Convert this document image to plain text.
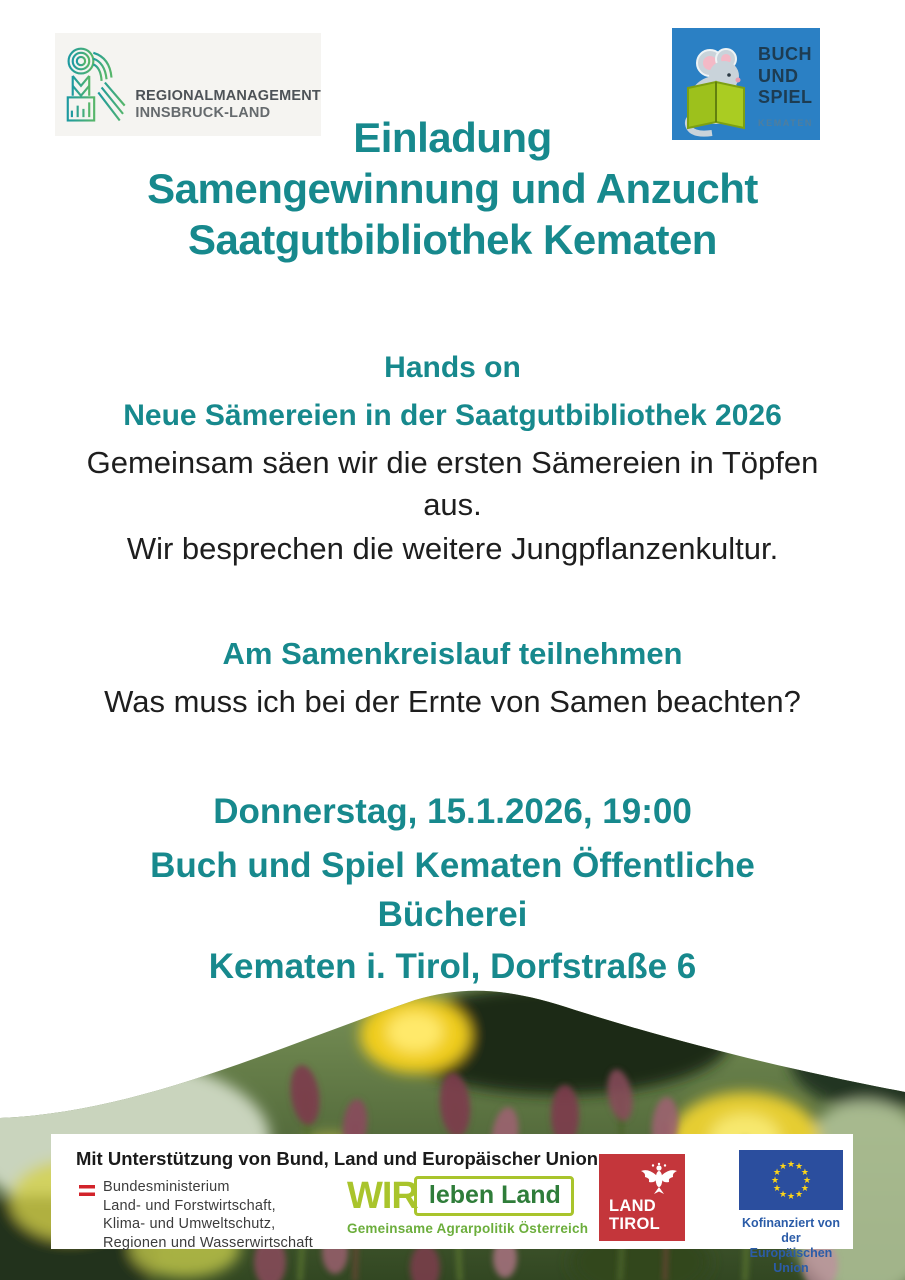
REGIONALMANAGEMENT
INNSBRUCK-LAND
BUCH
UND
SPIEL
KEMATEN
Einladung
Samengewinnung und Anzucht
Saatgutbibliothek Kematen
Hands on
Neue Sämereien in der Saatgutbibliothek 2026
Gemeinsam säen wir die ersten Sämereien in Töpfen aus.
Wir besprechen die weitere Jungpflanzenkultur.
Am Samenkreislauf teilnehmen
Was muss ich bei der Ernte von Samen beachten?
Donnerstag, 15.1.2026, 19:00
Buch und Spiel Kematen Öffentliche Bücherei
Kematen i. Tirol, Dorfstraße 6
Mit Unterstützung von Bund, Land und Europäischer Union
Bundesministerium
Land- und Forstwirtschaft,
Klima- und Umweltschutz,
Regionen und Wasserwirtschaft
WIR leben Land
Gemeinsame Agrarpolitik Österreich
LAND
TIROL
★
★
★
★
★
★
★
★
★ ★ ★
★
Kofinanziert von der
Europäischen Union
